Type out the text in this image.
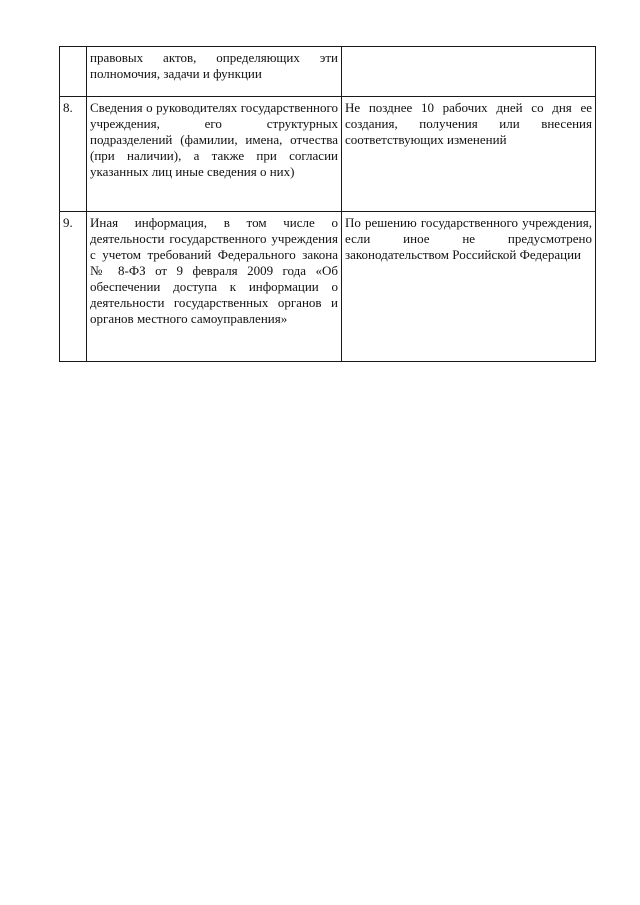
	правовых актов, определяющих эти полномочия, задачи и функции	
8.	Сведения о руководителях государственного учреждения, его структурных подразделений (фамилии, имена, отчества (при наличии), а также при согласии указанных лиц иные сведения о них)	Не позднее 10 рабочих дней со дня ее создания, получения или внесения соответствующих изменений
9.	Иная информация, в том числе о деятельности государственного учреждения с учетом требований Федерального закона № 8-ФЗ от 9 февраля 2009 года «Об обеспечении доступа к информации о деятельности государственных органов и органов местного самоуправления»	По решению государственного учреждения, если иное не предусмотрено законодательством Российской Федерации
